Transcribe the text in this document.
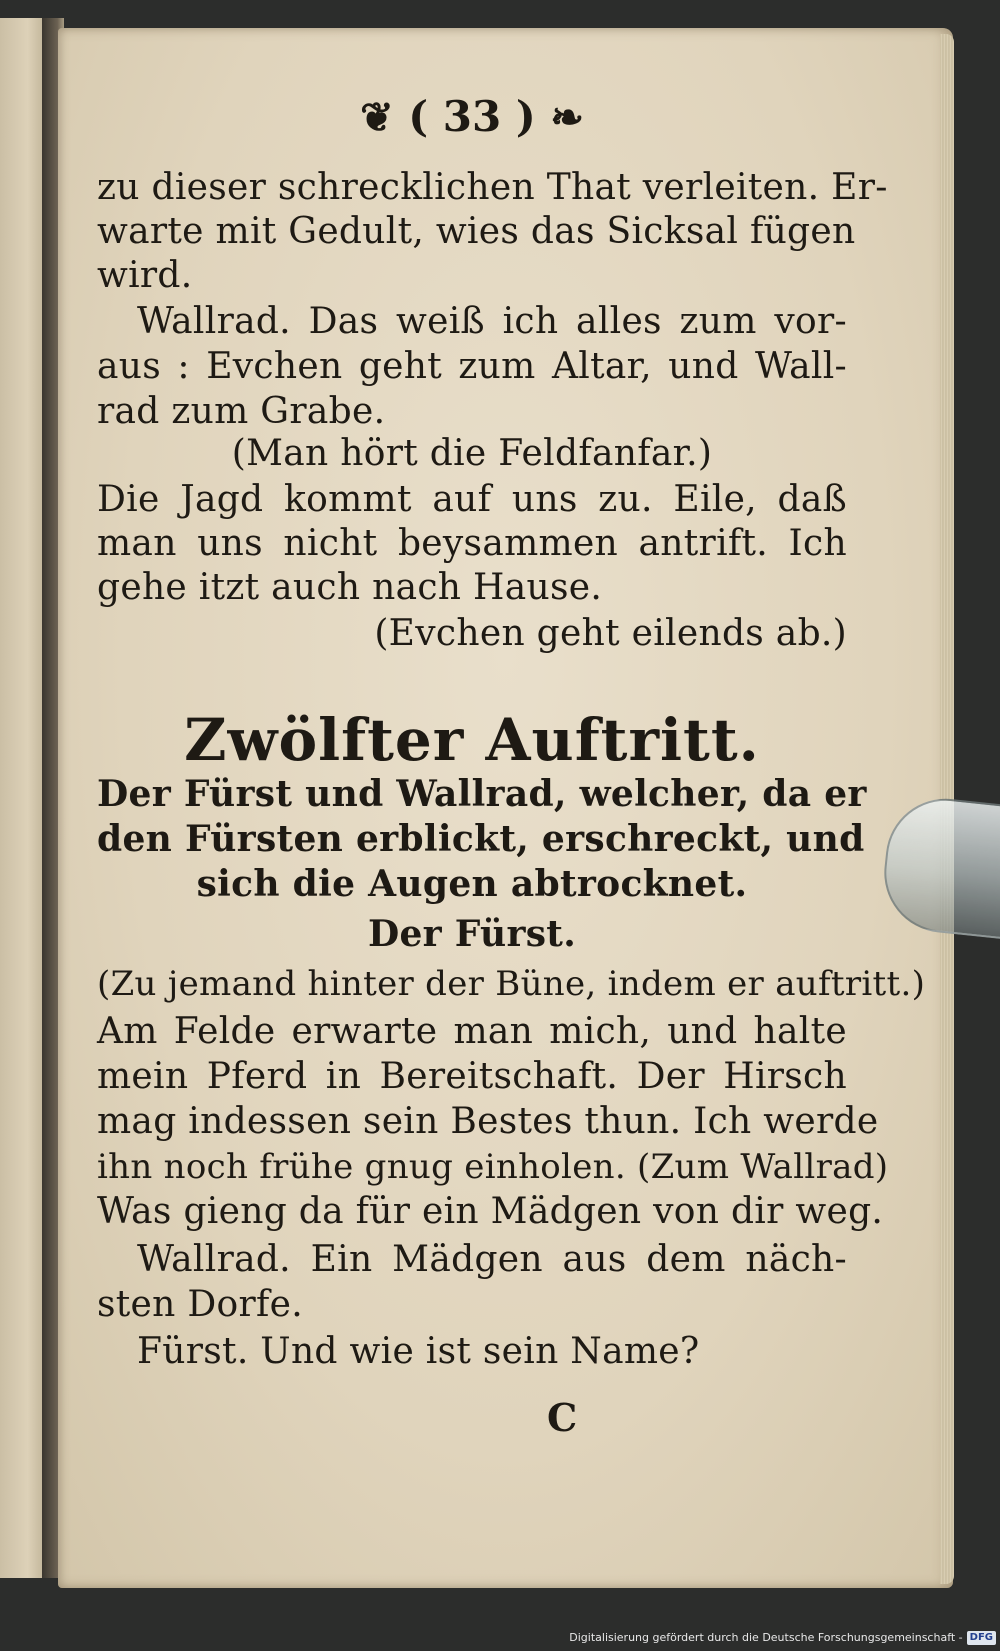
❦ ( 33 ) ❧
zu dieser schrecklichen That verleiten. Er-
warte mit Gedult, wies das Sicksal fügen
wird.
Wallrad. Das weiß ich alles zum vor-
aus : Evchen geht zum Altar, und Wall-
rad zum Grabe.
(Man hört die Feldfanfar.)
Die Jagd kommt auf uns zu. Eile, daß
man uns nicht beysammen antrift. Ich
gehe itzt auch nach Hause.
(Evchen geht eilends ab.)
Zwölfter Auftritt.
Der Fürst und Wallrad, welcher, da er
den Fürsten erblickt, erschreckt, und
sich die Augen abtrocknet.
Der Fürst.
(Zu jemand hinter der Büne, indem er auftritt.)
Am Felde erwarte man mich, und halte
mein Pferd in Bereitschaft. Der Hirsch
mag indessen sein Bestes thun. Ich werde
ihn noch frühe gnug einholen. (Zum Wallrad)
Was gieng da für ein Mädgen von dir weg.
Wallrad. Ein Mädgen aus dem näch-
sten Dorfe.
Fürst. Und wie ist sein Name?
C
Digitalisierung gefördert durch die Deutsche Forschungsgemeinschaft - DFG
